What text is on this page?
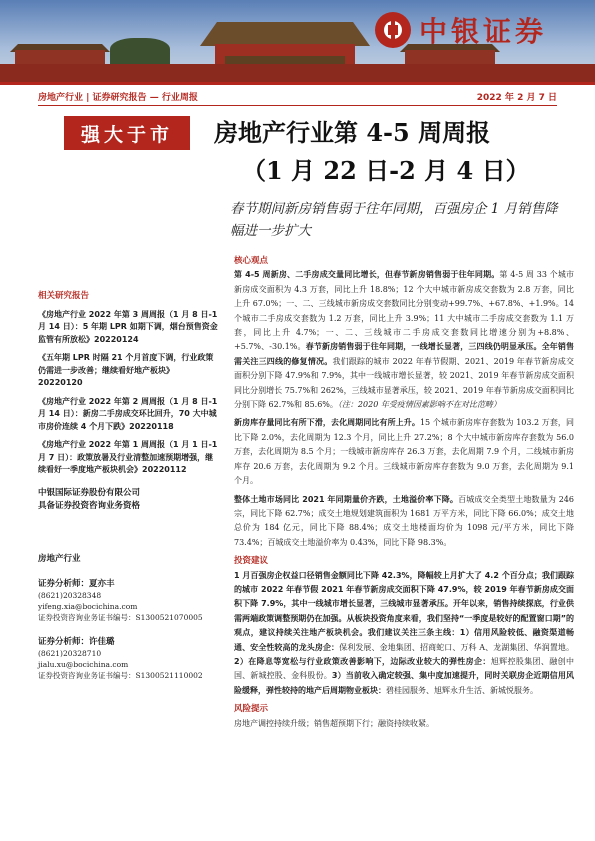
中银证券
房地产行业 | 证券研究报告 — 行业周报	2022 年 2 月 7 日
强大于市	房地产行业第 4-5 周周报
（1 月 22 日-2 月 4 日）
春节期间新房销售弱于往年同期，百强房企 1 月销售降幅进一步扩大
相关研究报告
《房地产行业 2022 年第 3 周周报（1 月 8 日-1 月 14 日）：5 年期 LPR 如期下调，烟台预售资金监管有所放松》20220124
《五年期 LPR 时隔 21 个月首度下调，行业政策仍需进一步改善；继续看好地产板块》20220120
《房地产行业 2022 年第 2 周周报（1 月 8 日-1 月 14 日）：新房二手房成交环比回升，70 大中城市房价连续 4 个月下跌》20220118
《房地产行业 2022 年第 1 周周报（1 月 1 日-1 月 7 日）：政策放暑及行业清整加速预期增强，继续看好一季度地产板块机会》20220112
中银国际证券股份有限公司
具备证券投资咨询业务资格
房地产行业
证券分析师：夏亦丰
(8621)20328348
yifeng.xia@bocichina.com
证券投资咨询业务证书编号：S1300521070005
证券分析师：许佳璐
(8621)20328710
jialu.xu@bocichina.com
证券投资咨询业务证书编号：S1300521110002
核心观点

第 4-5 周新房、二手房成交量同比增长，但春节新房销售弱于往年同期。第 4-5 周 33 个城市新房成交面积为 4.3 万套，同比上升 18.8%；12 个大中城市新房成交套数为 2.8 万套，同比上升 67.0%；一、二、三线城市新房成交套数同比分别变动+99.7%、+67.8%、+1.9%。14 个城市二手房成交套数为 1.2 万套，同比上升 3.9%；11 大中城市二手房成交套数为 1.1 万套，同比上升 4.7%；一、二、三线城市二手房成交套数同比增速分别为+8.8%、+5.7%、-30.1%。春节新房销售弱于往年同期，一线增长显著，三四线仍明显承压。全年销售需关注三四线的修复情况。我们跟踪的城市 2022 年春节假期、2021、2019 年春节新房成交面积分别下降 47.9%和 7.9%，其中一线城市增长显著，较 2021、2019 年春节新房成交面积同比分别增长 75.7%和 262%，三线城市显著承压，较 2021、2019 年春节新房成交面积同比分别下降 62.7%和 85.6%。（注：2020 年受疫情因素影响不在对比范畴）

新房库存量同比有所下滑，去化周期同比有所上升。15 个城市新房库存套数为 103.2 万套，同比下降 2.0%，去化周期为 12.3 个月，同比上升 27.2%；8 个大中城市新房库存套数为 56.0 万套，去化周期为 8.5 个月；一线城市新房库存 26.3 万套，去化周期 7.9 个月，二线城市新房库存 20.6 万套，去化周期为 9.2 个月。三线城市新房库存套数为 9.0 万套，去化周期为 9.1 个月。

整体土地市场同比 2021 年同期量价齐跌，土地溢价率下降。百城成交全类型土地数量为 246 宗，同比下降 62.7%；成交土地规划建筑面积为 1681 万平方米，同比下降 66.0%；成交土地总价为 184 亿元，同比下降 88.4%；成交土地楼面均价为 1098 元/平方米，同比下降 73.4%；百城成交土地溢价率为 0.43%，同比下降 98.3%。

投资建议

1 月百强房企权益口径销售金额同比下降 42.3%，降幅较上月扩大了 4.2 个百分点；我们跟踪的城市 2022 年春节假 2021 年春节新房成交面积下降 47.9%，较 2019 年春节新房成交面积下降 7.9%，其中一线城市增长显著，三线城市显著承压。开年以来，销售持续探底，行业供需两端政策调整预期仍在加强。从板块投资角度来看，我们坚持“一季度是较好的配置窗口期”的观点，建议持续关注地产板块机会。我们建议关注三条主线：1）信用风险较低、融资渠道畅通、安全性较高的龙头房企：保利发展、金地集团、招商蛇口、万科 A、龙湖集团、华润置地。2）在降息等宽松与行业政策改善影响下，边际改业较大的弹性房企：旭辉控股集团、融创中国、新城控股、金科股份。3）当前收入确定较强、集中度加速提升，同时关联房企近期信用风险缓释，弹性较持的地产后周期物业板块：碧桂园服务、旭辉永升生活、新城悦服务。

风险提示

房地产调控持续升级；销售超预期下行；融资持续收紧。
